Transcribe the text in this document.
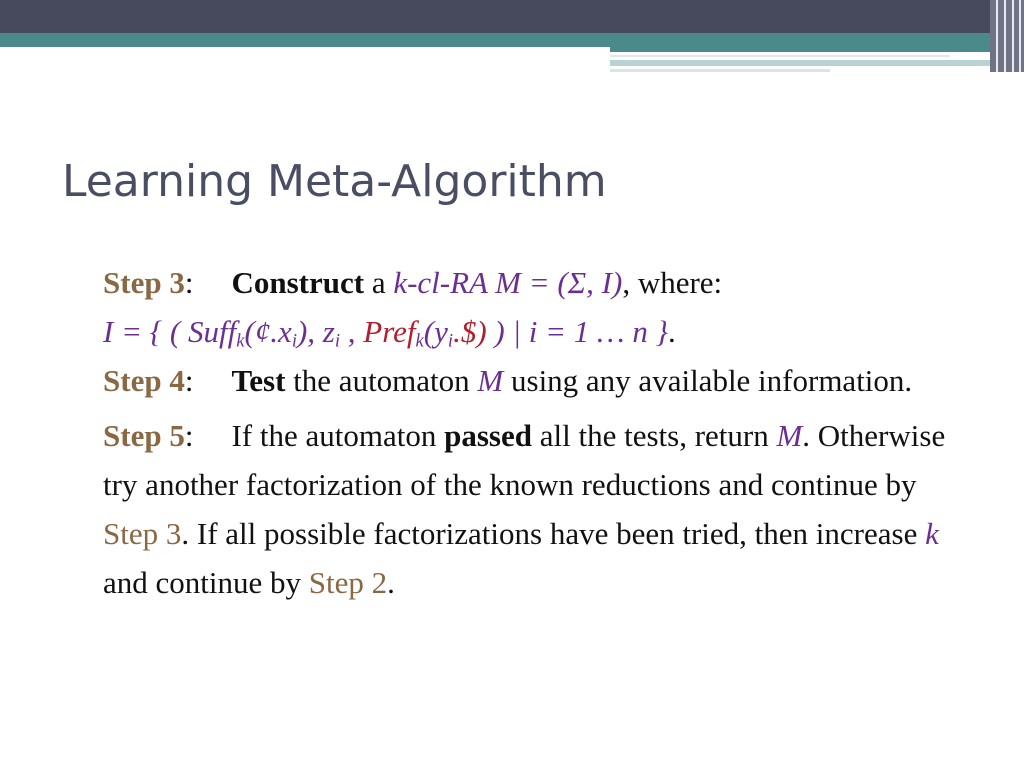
Learning Meta-Algorithm

Step 3: Construct a k-cl-RA M = (Σ, I), where:

I = { ( $Suff_k(¢.x_i)$, $z_i$ , $Pref_k(y_i.\$)$ ) | i = 1 … n }.

Step 4: Test the automaton M using any available information.

Step 5: If the automaton passed all the tests, return M. Otherwise try another factorization of the known reductions and continue by Step 3. If all possible factorizations have been tried, then increase k and continue by Step 2.
